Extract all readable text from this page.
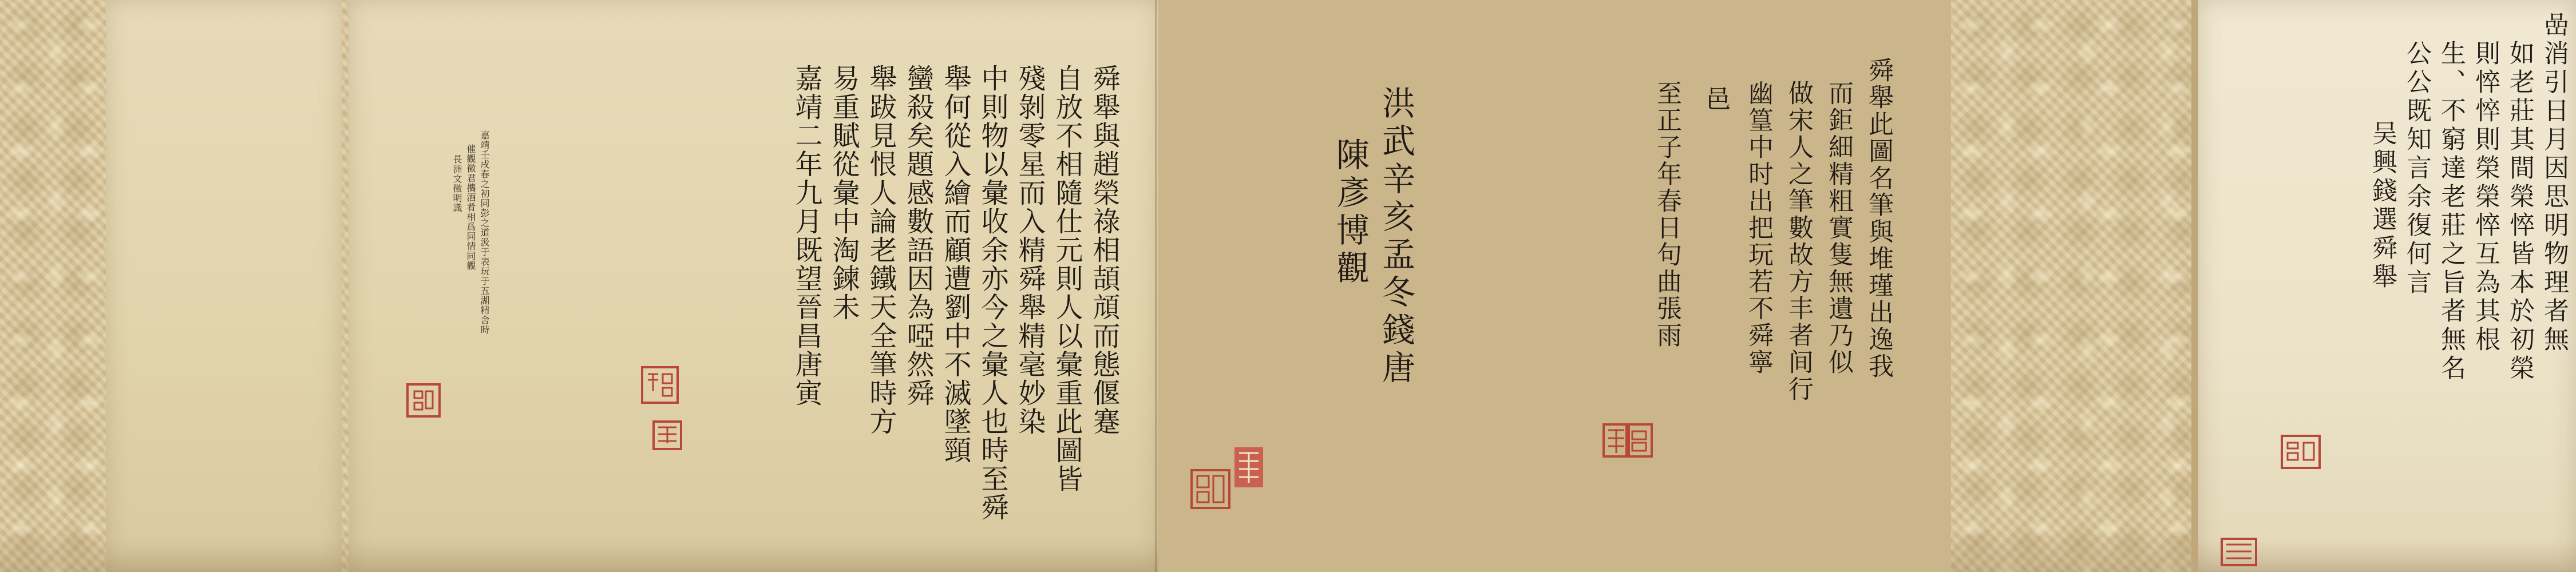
嘉靖壬戌春之初同彭之道汲于表玩于五湖精舍時
催觀徵君攜酒肴相爲同情同觀
長洲文徵明識	舜舉與趙榮祿相頡頏而態偃蹇
自放不相隨仕元則人以彙重此圖皆
殘剝零星而入精舜舉精毫妙染
中則物以彙收余亦今之彙人也時至舜
舉何從入繪而顧遭劉中不滅墜頸
蠻殺矣題感數語因為啞然舜
舉跋見恨人論老鐵天全筆時方
易重賦從彙中淘鍊未
嘉靖二年九月既望晉昌唐寅	洪武辛亥孟冬錢唐
陳彥博觀	舜舉此圖名筆與堆瑾出逸我
而鉅細精粗實隻無遺乃似
做宋人之筆數故方丰者间行
幽篁中时出把玩若不舜寧
至正子年春日句曲張雨 邑	嵒消引日月因思明物理者無
如老莊其間榮悴皆本於初榮
則悴悴則榮榮悴互為其根
生、不窮達老莊之旨者無名
公公既知言余復何言
吴興錢選舜舉
